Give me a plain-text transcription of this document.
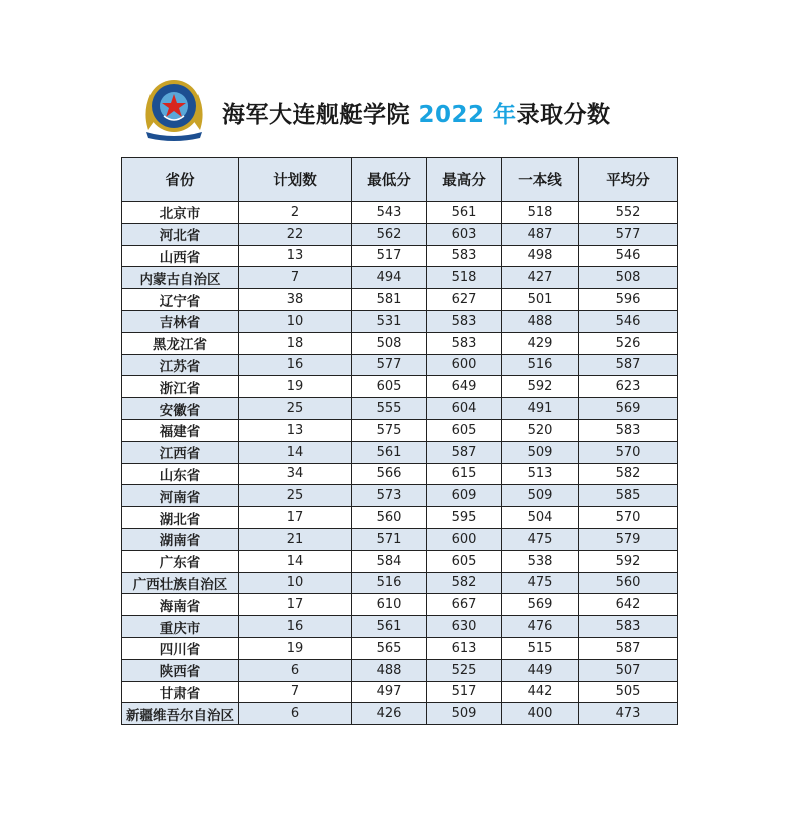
海军大连舰艇学院 2022 年录取分数
省份	计划数	最低分	最高分	一本线	平均分
北京市	2	543	561	518	552
河北省	22	562	603	487	577
山西省	13	517	583	498	546
内蒙古自治区	7	494	518	427	508
辽宁省	38	581	627	501	596
吉林省	10	531	583	488	546
黑龙江省	18	508	583	429	526
江苏省	16	577	600	516	587
浙江省	19	605	649	592	623
安徽省	25	555	604	491	569
福建省	13	575	605	520	583
江西省	14	561	587	509	570
山东省	34	566	615	513	582
河南省	25	573	609	509	585
湖北省	17	560	595	504	570
湖南省	21	571	600	475	579
广东省	14	584	605	538	592
广西壮族自治区	10	516	582	475	560
海南省	17	610	667	569	642
重庆市	16	561	630	476	583
四川省	19	565	613	515	587
陕西省	6	488	525	449	507
甘肃省	7	497	517	442	505
新疆维吾尔自治区	6	426	509	400	473
